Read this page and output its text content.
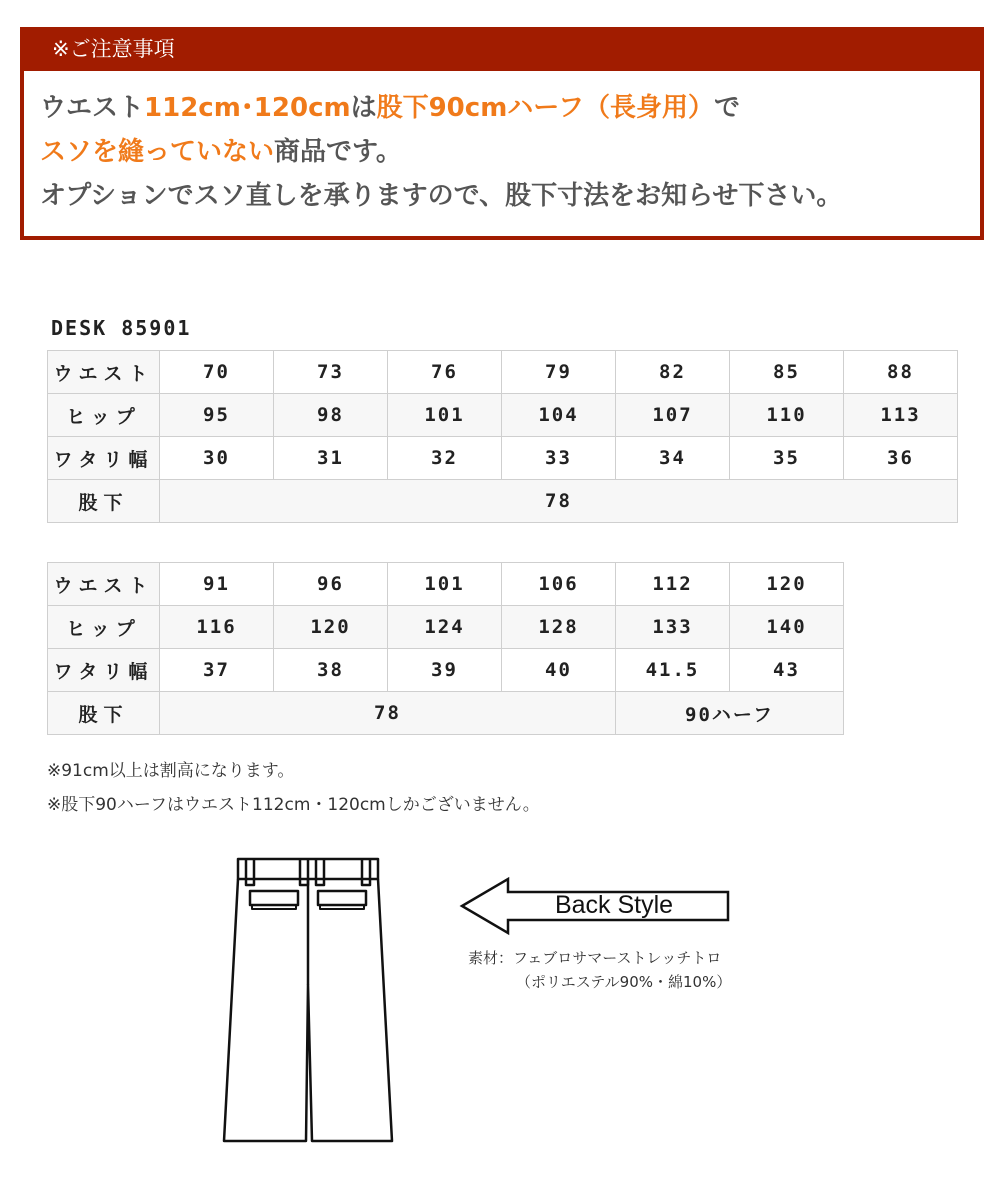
※ご注意事項
ウエスト112cm･120cmは股下90cmハーフ（長身用）で
スソを縫っていない商品です。
オプションでスソ直しを承りますので、股下寸法をお知らせ下さい。
DESK 85901
ウエスト	70	73	76	79	82	85	88
ヒップ	95	98	101	104	107	110	113
ワタリ幅	30	31	32	33	34	35	36
股下	78						
ウエスト	91	96	101	106	112	120
ヒップ	116	120	124	128	133	140
ワタリ幅	37	38	39	40	41.5	43
股下	78				90ハーフ	
※91cm以上は割高になります。
※股下90ハーフはウエスト112cm・120cmしかございません。
Back Style
素材：フェブロサマーストレッチトロ
（ポリエステル90%・綿10%）
